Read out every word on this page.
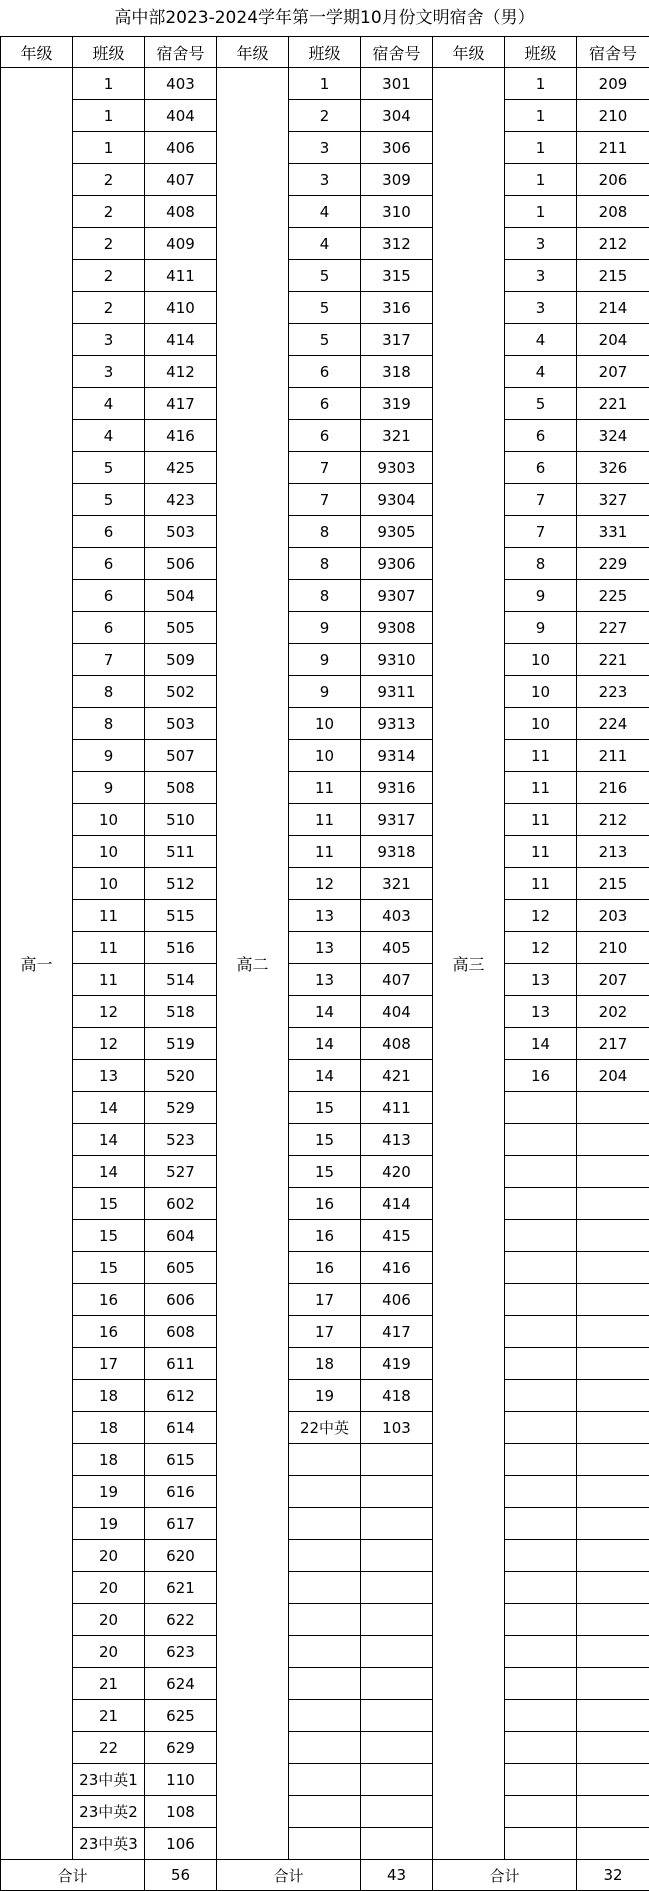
高中部2023-2024学年第一学期10月份文明宿舍（男）
年级	班级	宿舍号	年级	班级	宿舍号	年级	班级	宿舍号
高一	1	403	高二	1	301	高三	1	209
	1	404		2	304		1	210
	1	406		3	306		1	211
	2	407		3	309		1	206
	2	408		4	310		1	208
	2	409		4	312		3	212
	2	411		5	315		3	215
	2	410		5	316		3	214
	3	414		5	317		4	204
	3	412		6	318		4	207
	4	417		6	319		5	221
	4	416		6	321		6	324
	5	425		7	9303		6	326
	5	423		7	9304		7	327
	6	503		8	9305		7	331
	6	506		8	9306		8	229
	6	504		8	9307		9	225
	6	505		9	9308		9	227
	7	509		9	9310		10	221
	8	502		9	9311		10	223
	8	503		10	9313		10	224
	9	507		10	9314		11	211
	9	508		11	9316		11	216
	10	510		11	9317		11	212
	10	511		11	9318		11	213
	10	512		12	321		11	215
	11	515		13	403		12	203
	11	516		13	405		12	210
	11	514		13	407		13	207
	12	518		14	404		13	202
	12	519		14	408		14	217
	13	520		14	421		16	204
	14	529		15	411			
	14	523		15	413			
	14	527		15	420			
	15	602		16	414			
	15	604		16	415			
	15	605		16	416			
	16	606		17	406			
	16	608		17	417			
	17	611		18	419			
	18	612		19	418			
	18	614		22中英	103			
	18	615						
	19	616						
	19	617						
	20	620						
	20	621						
	20	622						
	20	623						
	21	624						
	21	625						
	22	629						
	23中英1	110						
	23中英2	108						
	23中英3	106						
合计		56	合计		43	合计		32
